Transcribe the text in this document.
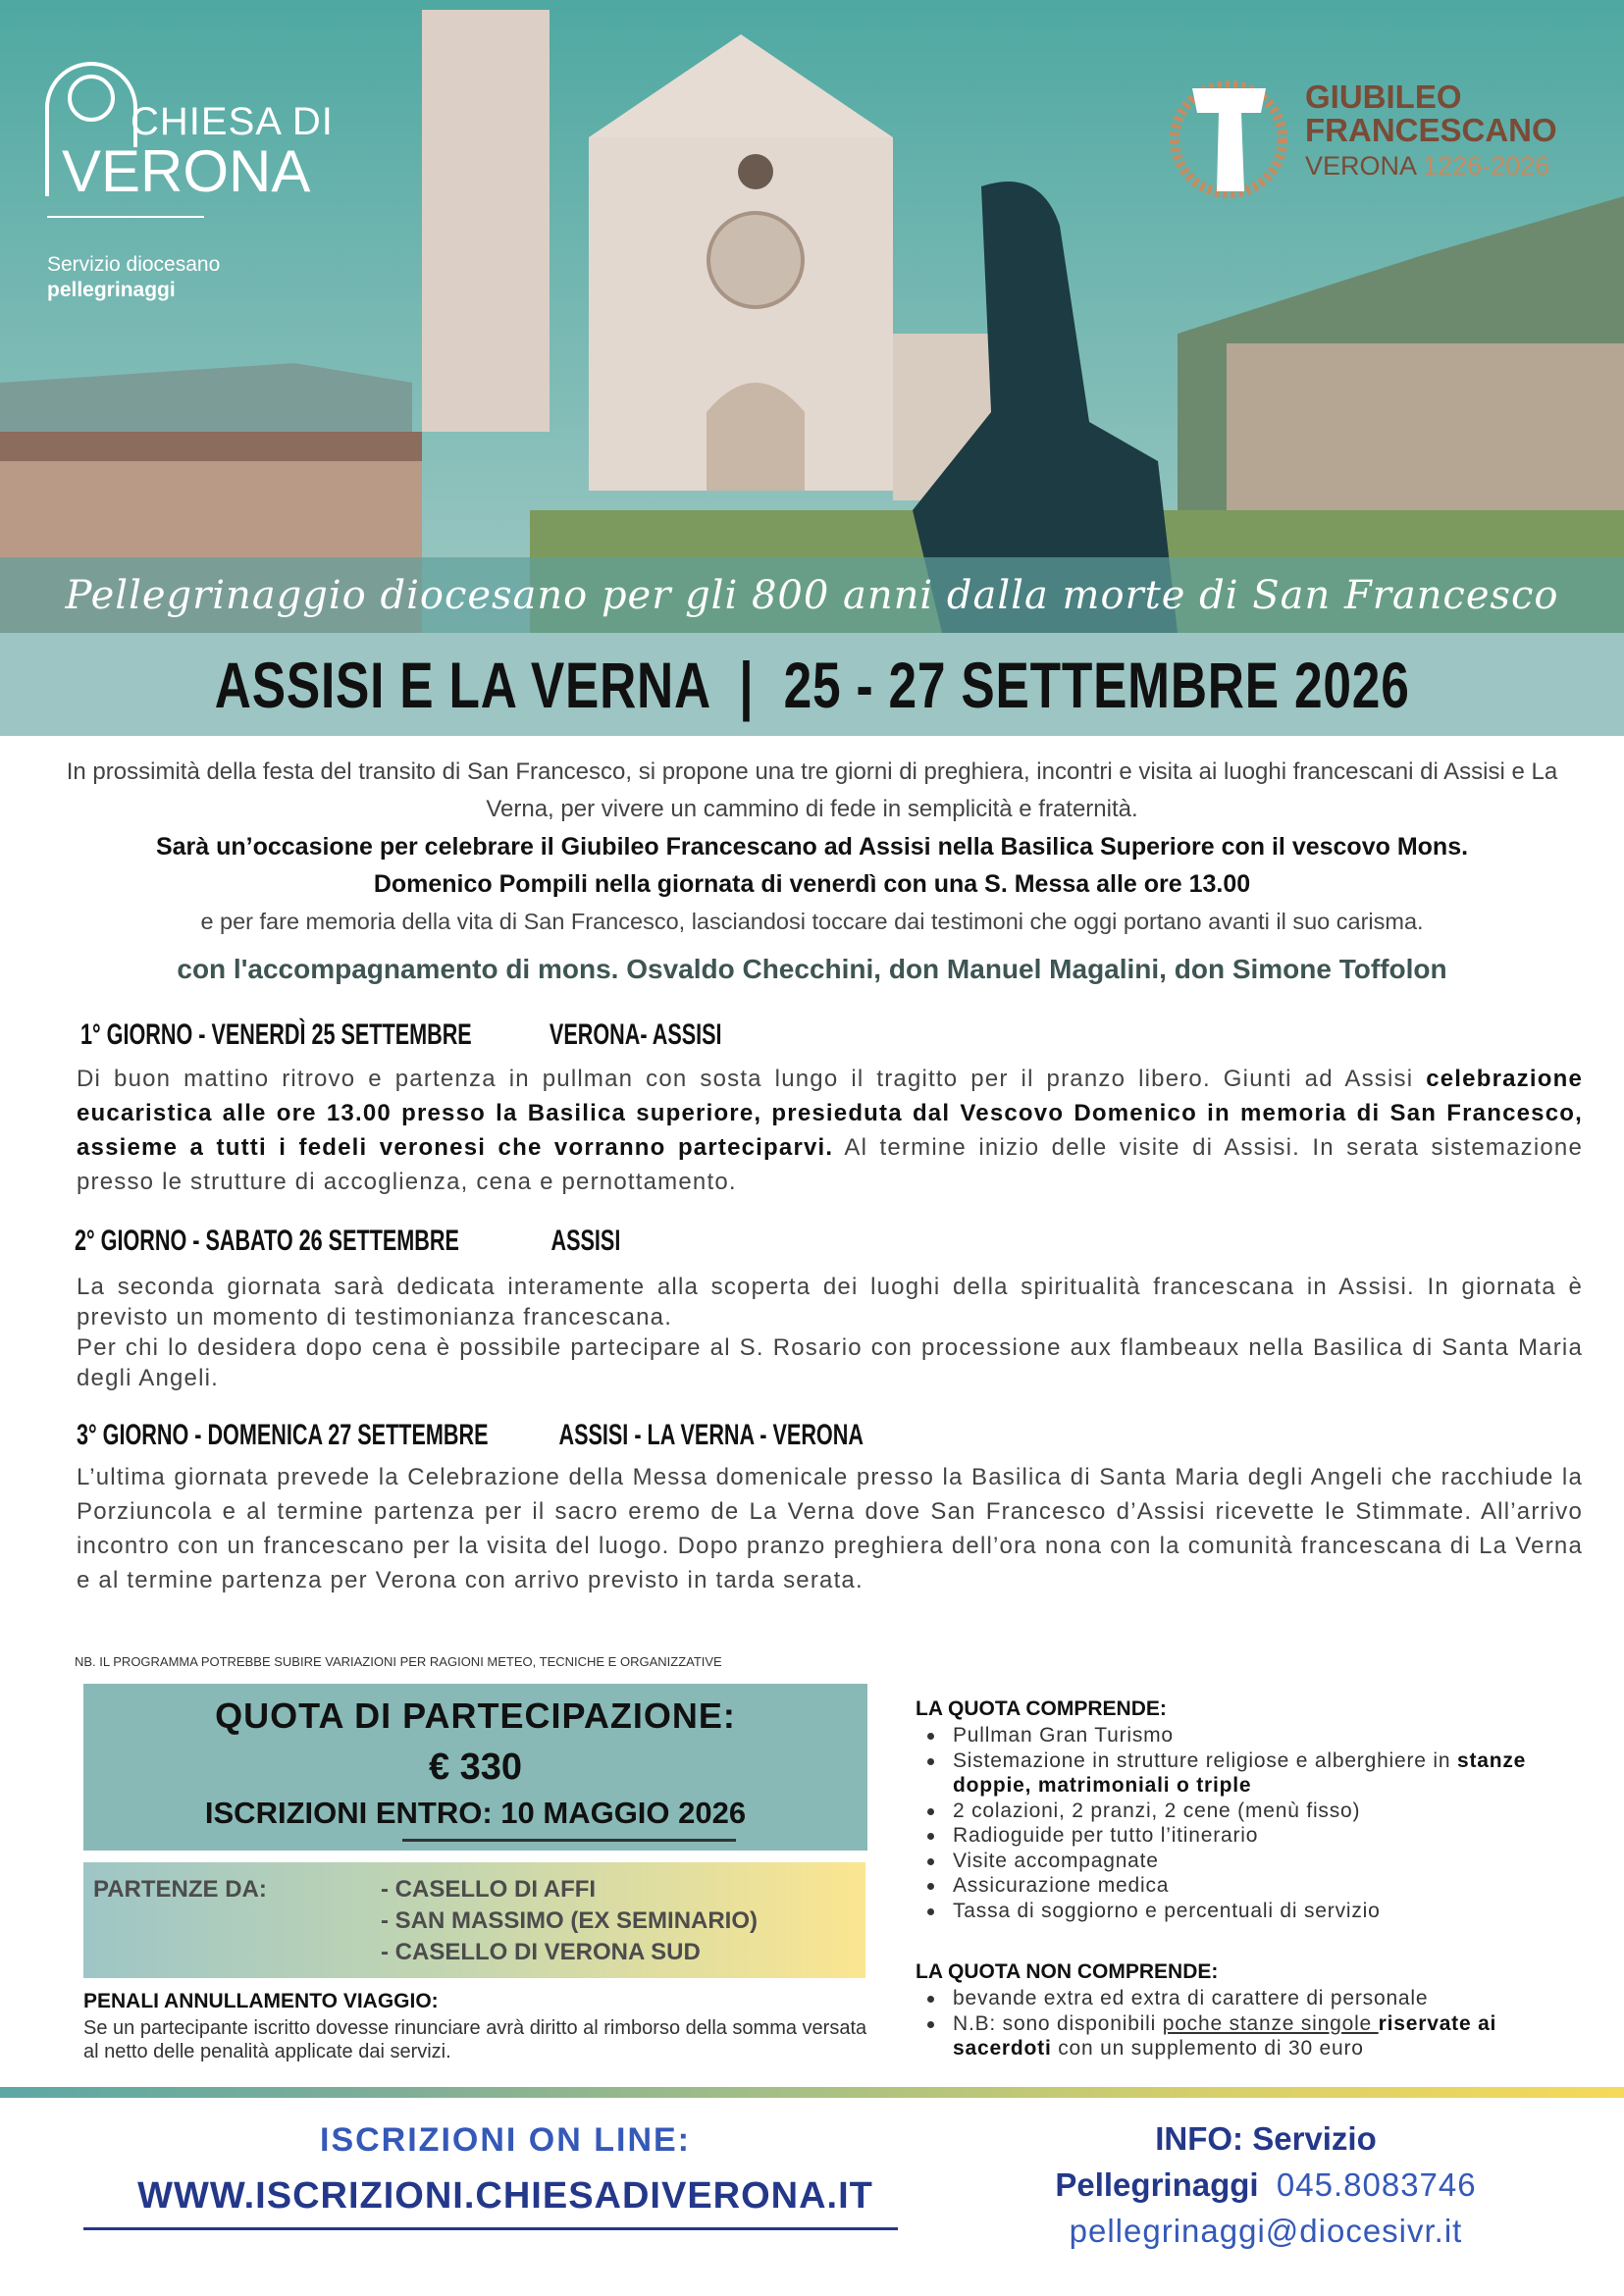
CHIESA DI
VERONA
Servizio diocesano
pellegrinaggi
GIUBILEO
FRANCESCANO
VERONA 1226-2026
Pellegrinaggio diocesano per gli 800 anni dalla morte di San Francesco
ASSISI E LA VERNA  |  25 - 27 SETTEMBRE 2026
In prossimità della festa del transito di San Francesco, si propone una tre giorni di preghiera, incontri e visita ai luoghi francescani di Assisi e La Verna, per vivere un cammino di fede in semplicità e fraternità.
Sarà un’occasione per celebrare il Giubileo Francescano ad Assisi nella Basilica Superiore con il vescovo Mons. Domenico Pompili nella giornata di venerdì con una S. Messa alle ore 13.00
e per fare memoria della vita di San Francesco, lasciandosi toccare dai testimoni che oggi portano avanti il suo carisma.
con l'accompagnamento di mons. Osvaldo Checchini, don Manuel Magalini, don Simone Toffolon
1° GIORNO - VENERDÌ 25 SETTEMBRE	VERONA- ASSISI
Di buon mattino ritrovo e partenza in pullman con sosta lungo il tragitto per il pranzo libero. Giunti ad Assisi celebrazione eucaristica alle ore 13.00 presso la Basilica superiore, presieduta dal Vescovo Domenico in memoria di San Francesco, assieme a tutti i fedeli veronesi che vorranno parteciparvi. Al termine inizio delle visite di Assisi. In serata sistemazione presso le strutture di accoglienza, cena e pernottamento.
2° GIORNO - SABATO 26 SETTEMBRE	ASSISI
La seconda giornata sarà dedicata interamente alla scoperta dei luoghi della spiritualità francescana in Assisi. In giornata è previsto un momento di testimonianza francescana.
Per chi lo desidera dopo cena è possibile partecipare al S. Rosario con processione aux flambeaux nella Basilica di Santa Maria degli Angeli.
3° GIORNO - DOMENICA 27 SETTEMBRE ASSISI - LA VERNA - VERONA
L’ultima giornata prevede la Celebrazione della Messa domenicale presso la Basilica di Santa Maria degli Angeli che racchiude la Porziuncola e al termine partenza per il sacro eremo de La Verna dove San Francesco d’Assisi ricevette le Stimmate. All’arrivo incontro con un francescano per la visita del luogo. Dopo pranzo preghiera dell’ora nona con la comunità francescana di La Verna e al termine partenza per Verona con arrivo previsto in tarda serata.
NB. IL PROGRAMMA POTREBBE SUBIRE VARIAZIONI PER RAGIONI METEO, TECNICHE E ORGANIZZATIVE
QUOTA DI PARTECIPAZIONE:
€ 330
ISCRIZIONI ENTRO: 10 MAGGIO 2026
PARTENZE DA:	- CASELLO DI AFFI
- SAN MASSIMO (EX SEMINARIO)
- CASELLO DI VERONA SUD
PENALI ANNULLAMENTO VIAGGIO:
Se un partecipante iscritto dovesse rinunciare avrà diritto al rimborso della somma versata al netto delle penalità applicate dai servizi.
LA QUOTA COMPRENDE:
Pullman Gran Turismo
Sistemazione in strutture religiose e alberghiere in stanze doppie, matrimoniali o triple
2 colazioni, 2 pranzi, 2 cene (menù fisso)
Radioguide per tutto l’itinerario
Visite accompagnate
Assicurazione medica
Tassa di soggiorno e percentuali di servizio
LA QUOTA NON COMPRENDE:
bevande extra ed extra di carattere di personale
N.B: sono disponibili poche stanze singole riservate ai sacerdoti con un supplemento di 30 euro
ISCRIZIONI ON LINE:
WWW.ISCRIZIONI.CHIESADIVERONA.IT
INFO: Servizio
Pellegrinaggi 045.8083746
pellegrinaggi@diocesivr.it
